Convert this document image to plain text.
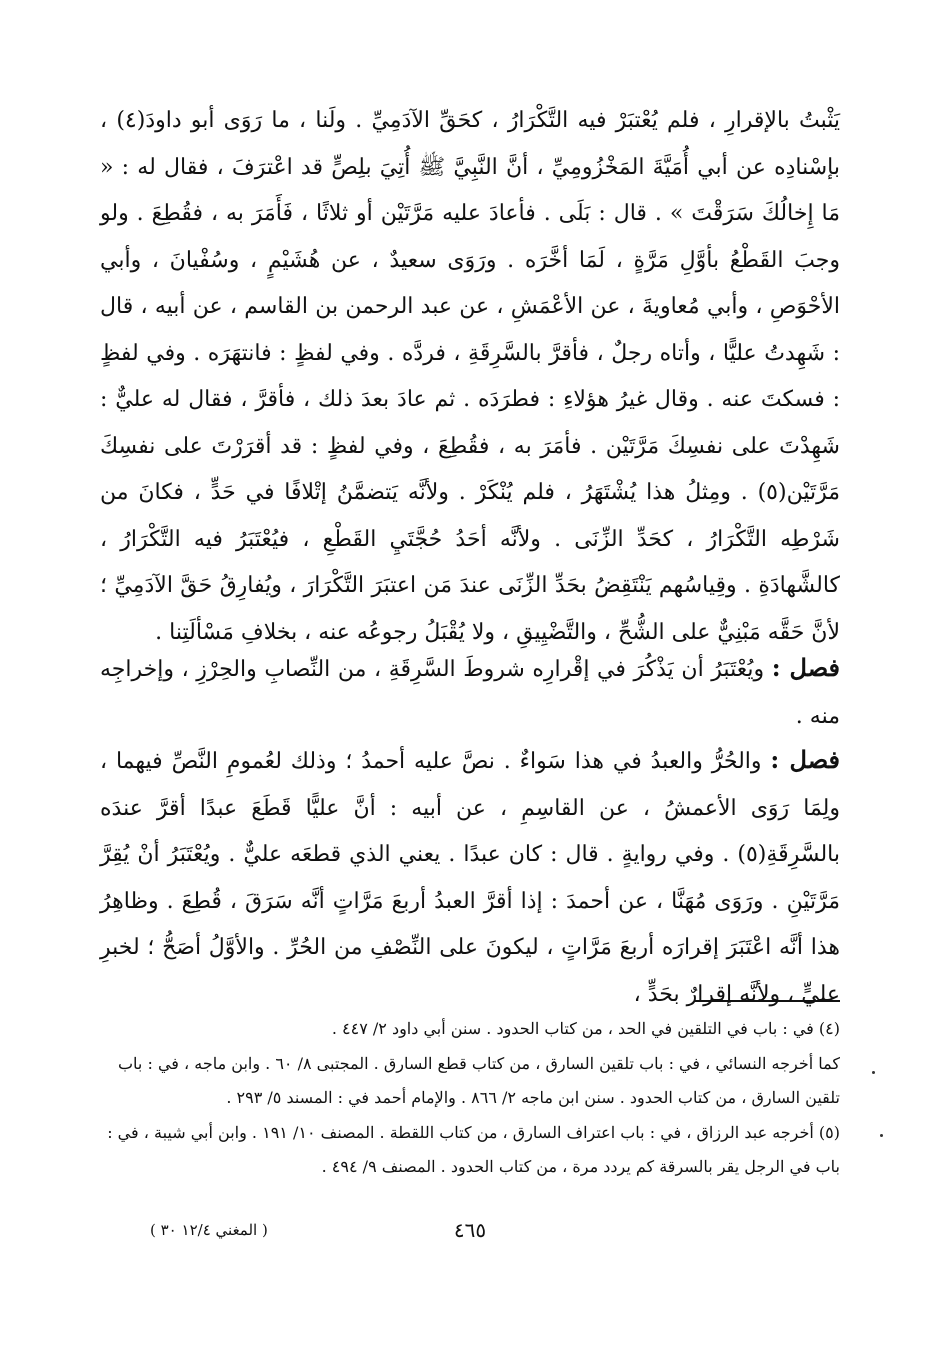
يَثْبتُ بالإقرارِ ، فلم يُعْتبَرْ فيه التَّكْرَارُ ، كحَقِّ الآدَمِيِّ . ولَنا ، ما رَوَى أبو داودَ(٤) ، بإسْنادِه عن أبي أُمَيَّةَ المَخْزُومِيِّ ، أنَّ النَّبِيَّ ﷺ أُتِيَ بلِصٍّ قد اعْترَفَ ، فقال له : « مَا إِخالُكَ سَرَقْتَ » . قال : بَلَى . فأعادَ عليه مَرَّتَيْن أو ثلاثًا ، فَأَمَرَ به ، فقُطِعَ . ولو وجبَ القَطْعُ بأوَّلِ مَرَّةٍ ، لَمَا أخَّرَه . ورَوَى سعيدٌ ، عن هُشَيْمٍ ، وسُفْيانَ ، وأبي الأحْوَصِ ، وأبي مُعاويةَ ، عن الأعْمَشِ ، عن عبد الرحمن بن القاسم ، عن أبيه ، قال : شَهِدتُ عليًّا ، وأتاه رجلٌ ، فأقرَّ بالسَّرِقَةِ ، فردَّه . وفي لفظٍ : فانتهَرَه . وفي لفظٍ : فسكتَ عنه . وقال غيرُ هؤلاءِ : فطرَدَه . ثم عادَ بعدَ ذلك ، فأقرَّ ، فقال له عليٌّ : شَهِدْتَ على نفسِكَ مَرَّتَيْن . فأمَرَ به ، فقُطِعَ ، وفي لفظٍ : قد أقرَرْتَ على نفسِكَ مَرَّتَيْن(٥) . ومِثلُ هذا يُشْتَهَرُ ، فلم يُنْكَرْ . ولأنَّه يَتضمَّنُ إتْلافًا في حَدٍّ ، فكانَ من شَرْطِه التَّكْرَارُ ، كحَدِّ الزِّنَى . ولأنَّه أحَدُ حُجَّتَيِ القَطْعِ ، فيُعْتَبَرُ فيه التَّكْرَارُ ، كالشَّهادَةِ . وقِياسُهم يَنْتَقِضُ بحَدِّ الزِّنَى عندَ مَن اعتبَرَ التَّكْرَارَ ، ويُفارِقُ حَقَّ الآدَمِيِّ ؛ لأنَّ حَقَّه مَبْنِيٌّ على الشُّحِّ ، والتَّضْيِيقِ ، ولا يُقْبَلُ رجوعُه عنه ، بخلافِ مَسْألَتِنا .

فصل : ويُعْتَبَرُ أن يَذْكُرَ في إقْرارِه شروطَ السَّرِقَةِ ، من النِّصابِ والحِرْزِ ، وإخراجِه منه .

فصل : والحُرُّ والعبدُ في هذا سَواءٌ . نصَّ عليه أحمدُ ؛ وذلك لعُمومِ النَّصِّ فيهما ، ولِمَا رَوَى الأعمشُ ، عن القاسِمِ ، عن أبيه : أنَّ عليًّا قَطَعَ عبدًا أقرَّ عندَه بالسَّرِقَةِ(٥) . وفي روايةٍ . قال : كان عبدًا . يعني الذي قطعَه عليٌّ . ويُعْتَبَرُ أنْ يُقِرَّ مَرَّتَيْنِ . ورَوَى مُهَنَّا ، عن أحمدَ : إذا أقرَّ العبدُ أربعَ مَرَّاتٍ أنَّه سَرَقَ ، قُطِعَ . وظاهِرُ هذا أنَّه اعْتَبَرَ إقرارَه أربعَ مَرَّاتٍ ، ليكونَ على النِّصْفِ من الحُرِّ . والأوَّلُ أصَحُّ ؛ لخبرِ عليٍّ ، ولأنَّه إقرارٌ بحَدٍّ ،

(٤) في : باب في التلقين في الحد ، من كتاب الحدود . سنن أبي داود ٢/ ٤٤٧ .
كما أخرجه النسائي ، في : باب تلقين السارق ، من كتاب قطع السارق . المجتبى ٨/ ٦٠ . وابن ماجه ، في : باب
تلقين السارق ، من كتاب الحدود . سنن ابن ماجه ٢/ ٨٦٦ . والإمام أحمد في : المسند ٥/ ٢٩٣ .
(٥) أخرجه عبد الرزاق ، في : باب اعتراف السارق ، من كتاب اللقطة . المصنف ١٠/ ١٩١ . وابن أبي شيبة ، في :
باب في الرجل يقر بالسرقة كم يردد مرة ، من كتاب الحدود . المصنف ٩/ ٤٩٤ .
٤٦٥
( المغني ١٢/٤ ٣٠ )
